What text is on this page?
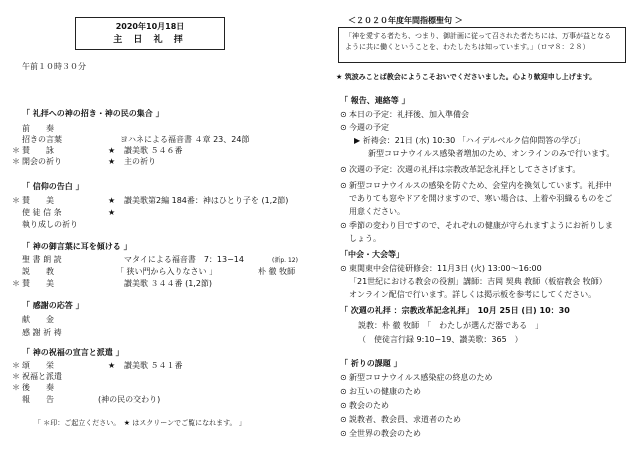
2020年10月18日
主 日 礼 拝
午前１０時３０分
「 礼拝への神の招き・神の民の集合 」
前　　奏
招きの言葉	ヨハネによる福音書 ４章 23、24節
＊ 賛　　詠	★ 讃美歌 ５４６番
＊ 開会の祈り	★ 主の祈り
「 信仰の告白 」
＊ 賛　　美	★ 讃美歌第2編 184番：神はひとり子を (1,2節)
使 徒 信 条	★
執り成しの祈り
「 神の御言葉に耳を傾ける 」
聖 書 朗 読	マタイによる福音書　7：13−14	(新p. 12)
説　　教	「 狭い門から入りなさい 」	朴 徹 牧師
＊ 賛　　美	讃美歌 ３４４番 (1,2節)
「 感謝の応答 」
献　　金
感 謝 祈 祷
「 神の祝福の宣言と派遣 」
＊ 頌　　栄	★ 讃美歌 ５４１番
＊ 祝福と派遣
＊ 後　　奏
報　　告	(神の民の交わり)
「 ＊印：ご起立ください。　★ はスクリーンでご覧になれます。 」
＜２０２０年度年間指標聖句 ＞
「神を愛する者たち、つまり、御計画に従って召された者たちには、万事が益となる
ように共に働くということを、わたしたちは知っています。」（ロマ８：２８）
★ 筑波みことば教会にようこそおいでくださいました。心より歓迎申し上げます。
「 報告、連絡等 」
⊙ 本日の予定：礼拝後、加入準備会
⊙ 今週の予定
▶ 祈祷会：21日 (水) 10:30 「ハイデルベルク信仰問答の学び」
新型コロナウイルス感染者増加のため、オンラインのみで行います。
⊙ 次週の予定：次週の礼拝は宗教改革記念礼拝としてささげます。
⊙ 新型コロナウイルスの感染を防ぐため、会堂内を換気しています。礼拝中
でありても窓やドアを開けますので、寒い場合は、上着や羽織るものをご
用意ください。
⊙ 季節の変わり目ですので、それぞれの健康が守られますようにお祈りしま
しょう。
「中会・大会等」
⊙ 東関東中会信徒研修会：11月3日 (火) 13:00〜16:00
「21世紀における教会の役割」講師：吉岡 契典 教師（板宿教会 牧師）
オンライン配信で行います。詳しくは掲示板を参考にしてください。
「 次週の礼拝 ：宗教改革記念礼拝」　10月 25日 (日) 10：30
説教：朴 徹 牧師　「　わたしが選んだ器である　」
（　使徒言行録 9:10−19、讃美歌：365　）
「 祈りの課題 」
⊙ 新型コロナウイルス感染症の終息のため
⊙ お互いの健康のため
⊙ 教会のため
⊙ 説教者、教会員、求道者のため
⊙ 全世界の教会のため
